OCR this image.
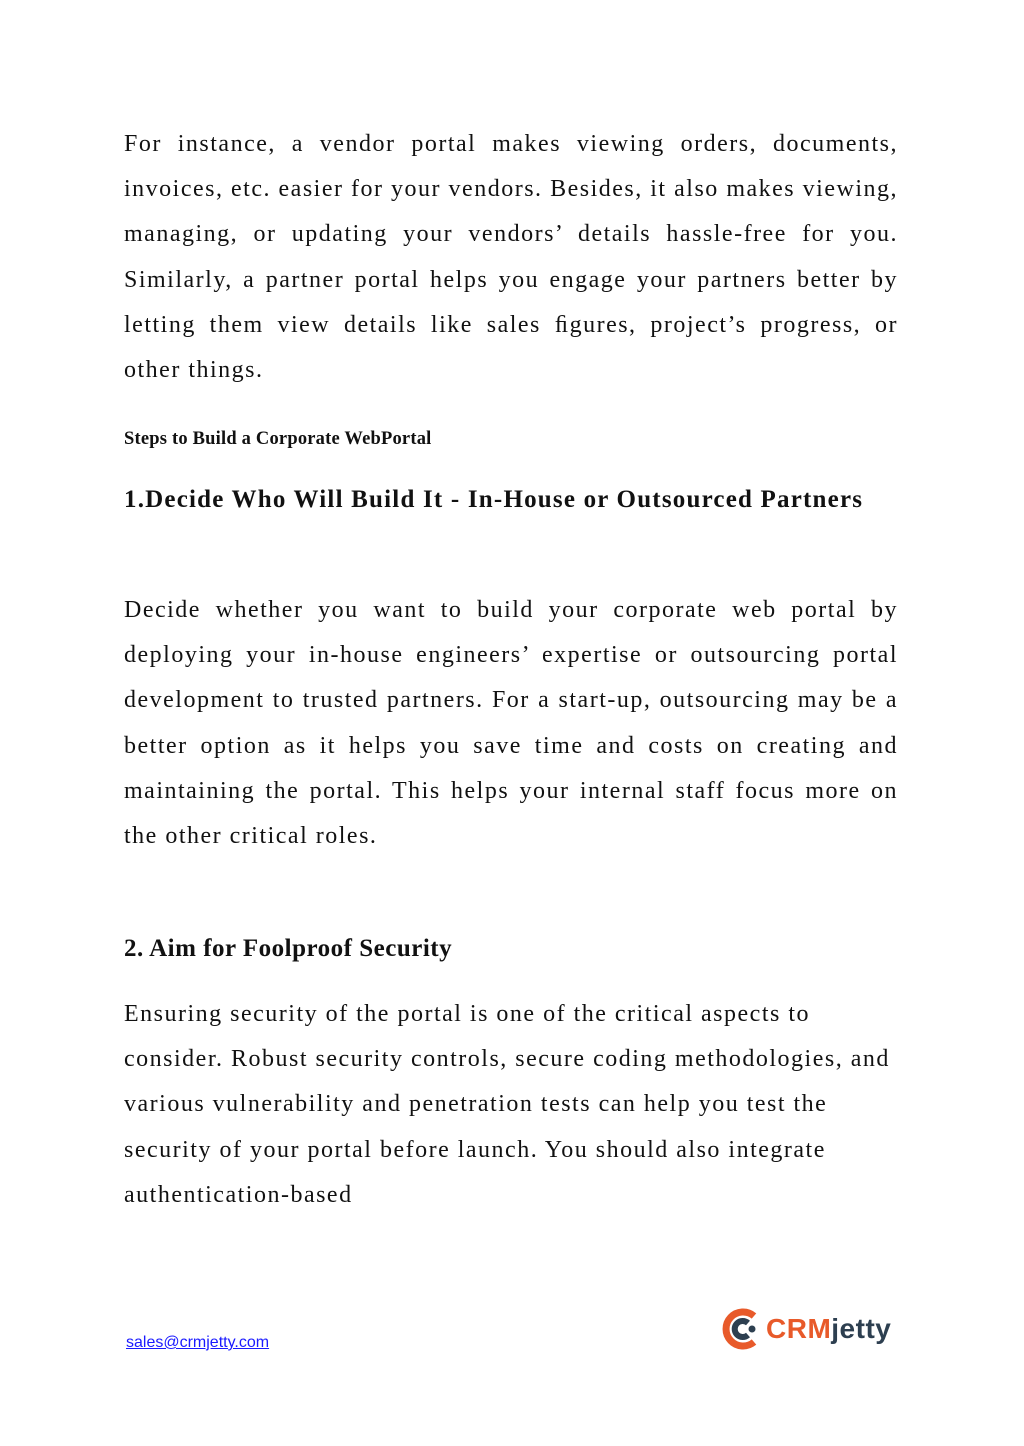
For instance, a vendor portal makes viewing orders, documents, invoices, etc. easier for your vendors. Besides, it also makes viewing, managing, or updating your vendors’ details hassle-free for you. Similarly, a partner portal helps you engage your partners better by letting them view details like sales ﬁgures, project’s progress, or other things.

Steps to Build a Corporate WebPortal
1.Decide Who Will Build It - In-House or Outsourced Partners

Decide whether you want to build your corporate web portal by deploying your in-house engineers’ expertise or outsourcing portal development to trusted partners. For a start-up, outsourcing may be a better option as it helps you save time and costs on creating and maintaining the portal. This helps your internal staff focus more on the other critical roles.

2. Aim for Foolproof Security

Ensuring security of the portal is one of the critical aspects to consider. Robust security controls, secure coding methodologies, and various vulnerability and penetration tests can help you test the security of your portal before launch. You should also integrate authentication-based

sales@crmjetty.com	CRMjetty
